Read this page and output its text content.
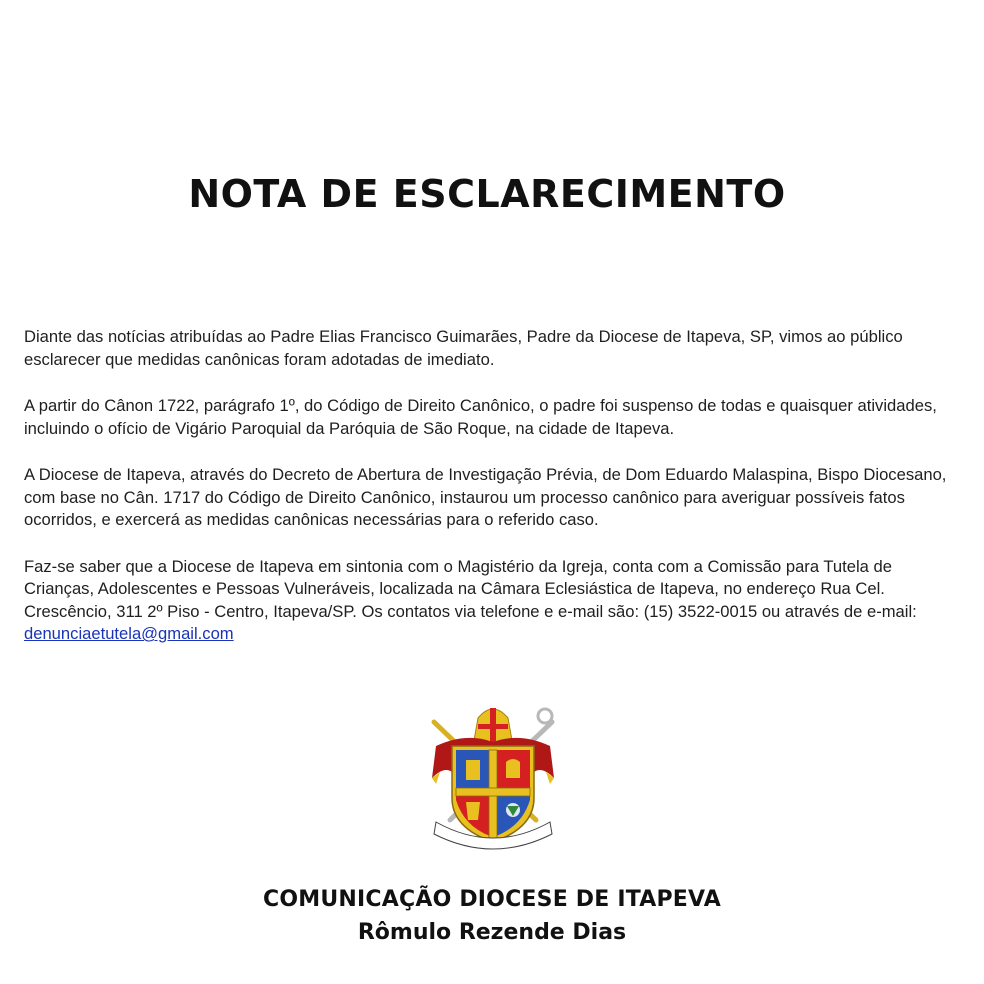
NOTA DE ESCLARECIMENTO

Diante das notícias atribuídas ao Padre Elias Francisco Guimarães, Padre da Diocese de Itapeva, SP, vimos ao público esclarecer que medidas canônicas foram adotadas de imediato.

A partir do Cânon 1722, parágrafo 1º, do Código de Direito Canônico, o padre foi suspenso de todas e quaisquer atividades, incluindo o ofício de Vigário Paroquial da Paróquia de São Roque, na cidade de Itapeva.

A Diocese de Itapeva, através do Decreto de Abertura de Investigação Prévia, de Dom Eduardo Malaspina, Bispo Diocesano, com base no Cân. 1717 do Código de Direito Canônico, instaurou um processo canônico para averiguar possíveis fatos ocorridos, e exercerá as medidas canônicas necessárias para o referido caso.

Faz-se saber que a Diocese de Itapeva em sintonia com o Magistério da Igreja, conta com a Comissão para Tutela de Crianças, Adolescentes e Pessoas Vulneráveis, localizada na Câmara Eclesiástica de Itapeva, no endereço Rua Cel. Crescêncio, 311 2º Piso - Centro, Itapeva/SP. Os contatos via telefone e e-mail são: (15) 3522-0015 ou através de e-mail: denunciaetutela@gmail.com

COMUNICAÇÃO DIOCESE DE ITAPEVA
Rômulo Rezende Dias
